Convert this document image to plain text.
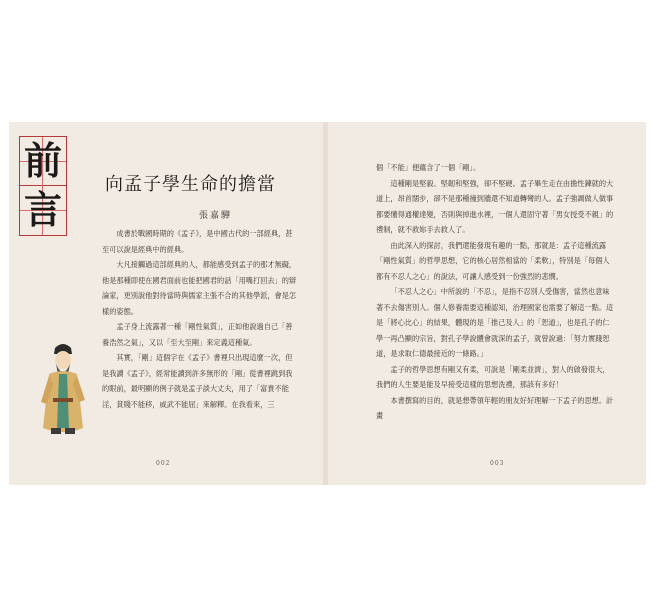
前
言
向孟子學生命的擔當
張嘉驊

成書於戰國時期的《孟子》，是中國古代的一部經典，甚至可以說是經典中的經典。

大凡接觸過這部經典的人，都能感受到孟子的那才無礙，他是那種即使在國君面前也能把國君的話「用嘴打回去」的辯論家，更別說他對待當時與儒家主張不合的其他學派，會是怎樣的姿態。

孟子身上流露著一種「剛性氣質」，正如他說過自己「善養浩然之氣」，又以「至大至剛」來定義這種氣。

其實，「剛」這個字在《孟子》書裡只出現這麼一次，但是我讀《孟子》，經常能讀到許多無形的「剛」從書裡跳到我的眼前，最明顯的例子就是孟子談大丈夫，用了「富貴不能淫，貧賤不能移，威武不能屈」來解釋。在我看來，三

002

個「不能」便蘊含了一個「剛」。

這種剛是堅毅、堅韌和堅強，卻不堅硬。孟子畢生走在由擔性鍊就的大道上，昂首闊步，卻不是那種撞到牆還不知道轉彎的人。孟子強調做人做事都要懂得通權達變，否則與掉進水裡，一個人還固守著「男女授受不親」的禮制，就不救妳手去救人了。

由此深入的探討，我們還能發現有趣的一點，那就是：孟子這種流露「剛性氣質」的哲學思想，它的核心居然相當的「柔軟」，特別是「每個人都有不忍人之心」的說法，可讓人感受到一份強烈的悲憫。

「不忍人之心」中所說的「不忍」，是指不忍別人受傷害，當然也意味著不去傷害別人。個人修養需要這種認知，治理國家也需要了解這一點。這是「將心比心」的結果，體現的是「推己及人」的「恕道」，也是孔子的仁學一再凸顯的宗旨，對孔子學說體會就深的孟子，就曾說過：「努力實踐恕道，是求取仁德最接近的一條路。」

孟子的哲學思想有剛又有柔，可說是「剛柔並濟」，對人的啟發很大，我們的人生要是能及早接受這樣的思想洗禮，那該有多好！

本書撰寫的目的，就是想帶領年輕的朋友好好理解一下孟子的思想。計畫

003
